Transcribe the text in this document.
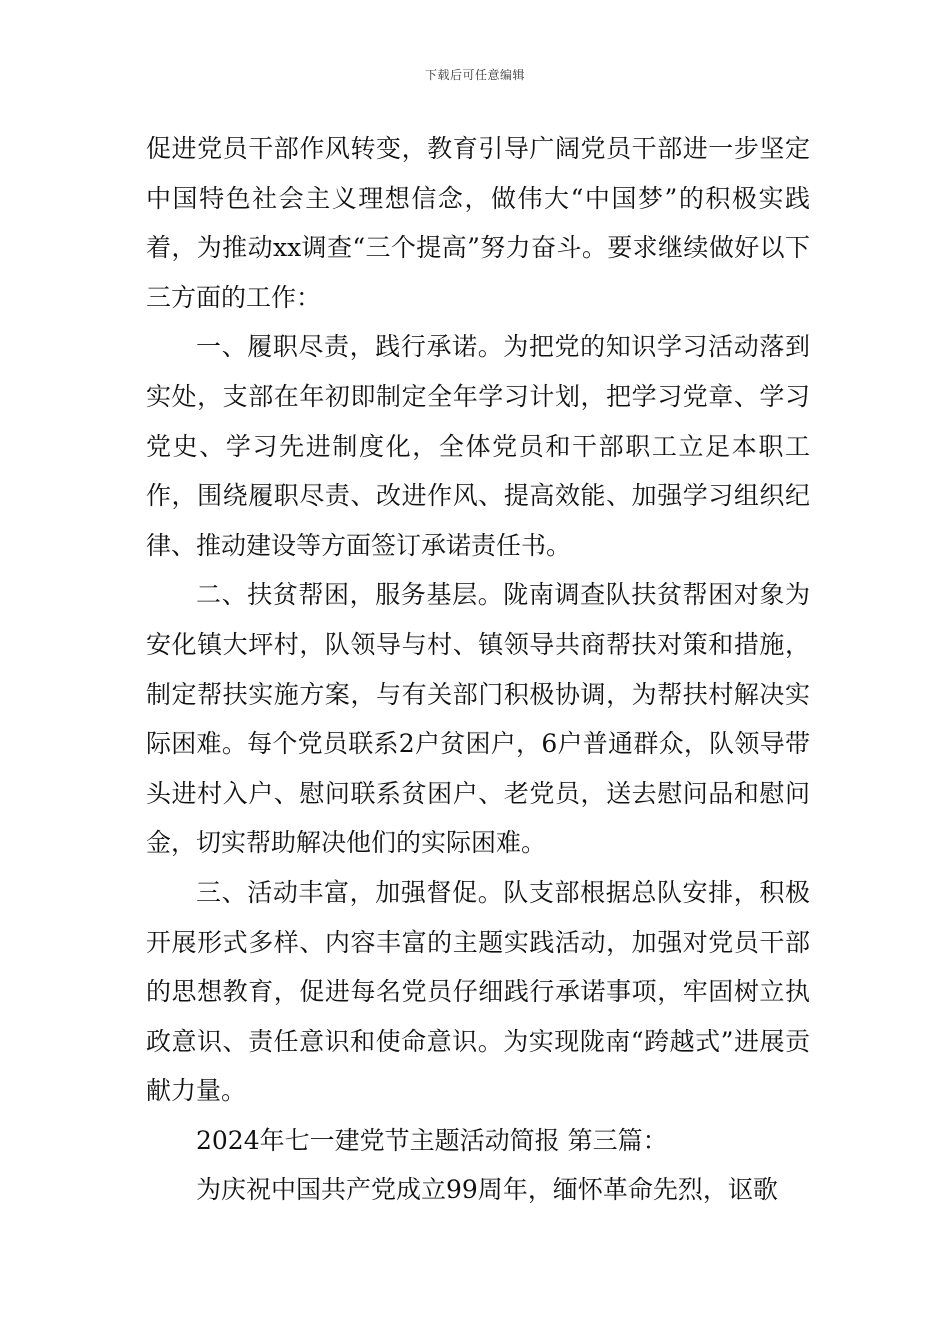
下载后可任意编辑

促进党员干部作风转变，教育引导广阔党员干部进一步坚定中国特色社会主义理想信念，做伟大“中国梦”的积极实践着，为推动xx调查“三个提高”努力奋斗。要求继续做好以下三方面的工作：

一、履职尽责，践行承诺。为把党的知识学习活动落到实处，支部在年初即制定全年学习计划，把学习党章、学习党史、学习先进制度化，全体党员和干部职工立足本职工作，围绕履职尽责、改进作风、提高效能、加强学习组织纪律、推动建设等方面签订承诺责任书。

二、扶贫帮困，服务基层。陇南调查队扶贫帮困对象为安化镇大坪村，队领导与村、镇领导共商帮扶对策和措施，制定帮扶实施方案，与有关部门积极协调，为帮扶村解决实际困难。每个党员联系2户贫困户，6户普通群众，队领导带头进村入户、慰问联系贫困户、老党员，送去慰问品和慰问金，切实帮助解决他们的实际困难。

三、活动丰富，加强督促。队支部根据总队安排，积极开展形式多样、内容丰富的主题实践活动，加强对党员干部的思想教育，促进每名党员仔细践行承诺事项，牢固树立执政意识、责任意识和使命意识。为实现陇南“跨越式”进展贡献力量。

2024年七一建党节主题活动简报 第三篇：

为庆祝中国共产党成立99周年，缅怀革命先烈，讴歌
